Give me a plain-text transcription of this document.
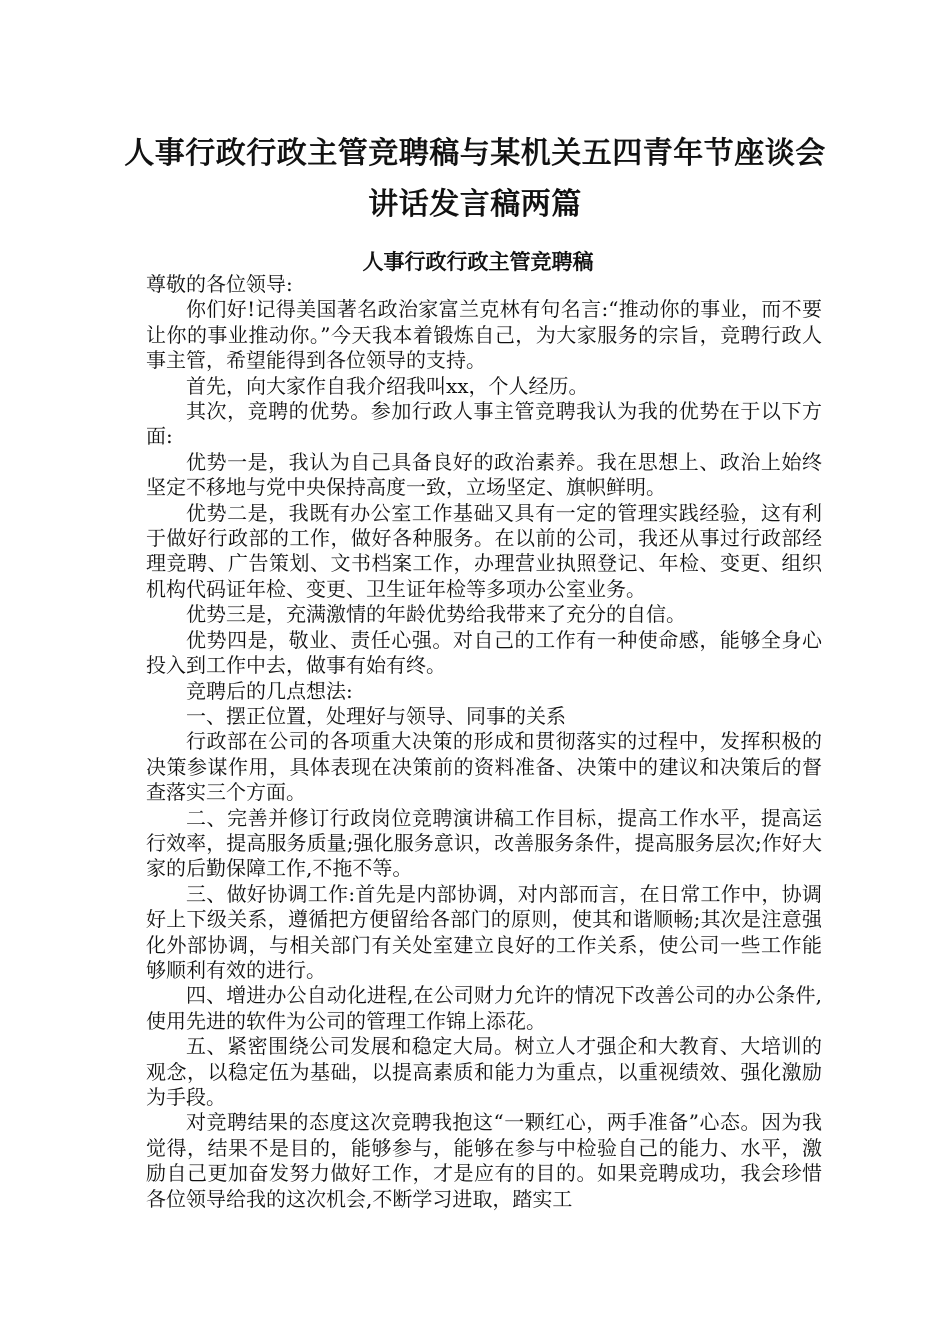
人事行政行政主管竞聘稿与某机关五四青年节座谈会
讲话发言稿两篇
人事行政行政主管竞聘稿

尊敬的各位领导:

你们好!记得美国著名政治家富兰克林有句名言:“推动你的事业，而不要让你的事业推动你。”今天我本着锻炼自己，为大家服务的宗旨，竞聘行政人事主管，希望能得到各位领导的支持。

首先，向大家作自我介绍我叫xx，个人经历。

其次，竞聘的优势。参加行政人事主管竞聘我认为我的优势在于以下方面:

优势一是，我认为自己具备良好的政治素养。我在思想上、政治上始终坚定不移地与党中央保持高度一致，立场坚定、旗帜鲜明。

优势二是，我既有办公室工作基础又具有一定的管理实践经验，这有利于做好行政部的工作，做好各种服务。在以前的公司，我还从事过行政部经理竞聘、广告策划、文书档案工作，办理营业执照登记、年检、变更、组织机构代码证年检、变更、卫生证年检等多项办公室业务。

优势三是，充满激情的年龄优势给我带来了充分的自信。

优势四是，敬业、责任心强。对自己的工作有一种使命感，能够全身心投入到工作中去，做事有始有终。

竞聘后的几点想法:

一、摆正位置，处理好与领导、同事的关系

行政部在公司的各项重大决策的形成和贯彻落实的过程中，发挥积极的决策参谋作用，具体表现在决策前的资料准备、决策中的建议和决策后的督查落实三个方面。

二、完善并修订行政岗位竞聘演讲稿工作目标，提高工作水平，提高运行效率，提高服务质量;强化服务意识，改善服务条件，提高服务层次;作好大家的后勤保障工作,不拖不等。

三、做好协调工作:首先是内部协调，对内部而言，在日常工作中，协调好上下级关系，遵循把方便留给各部门的原则，使其和谐顺畅;其次是注意强化外部协调，与相关部门有关处室建立良好的工作关系，使公司一些工作能够顺利有效的进行。

四、增进办公自动化进程,在公司财力允许的情况下改善公司的办公条件,使用先进的软件为公司的管理工作锦上添花。

五、紧密围绕公司发展和稳定大局。树立人才强企和大教育、大培训的观念，以稳定伍为基础，以提高素质和能力为重点，以重视绩效、强化激励为手段。

对竞聘结果的态度这次竞聘我抱这“一颗红心，两手准备”心态。因为我觉得，结果不是目的，能够参与，能够在参与中检验自己的能力、水平，激励自己更加奋发努力做好工作，才是应有的目的。如果竞聘成功，我会珍惜各位领导给我的这次机会,不断学习进取，踏实工
